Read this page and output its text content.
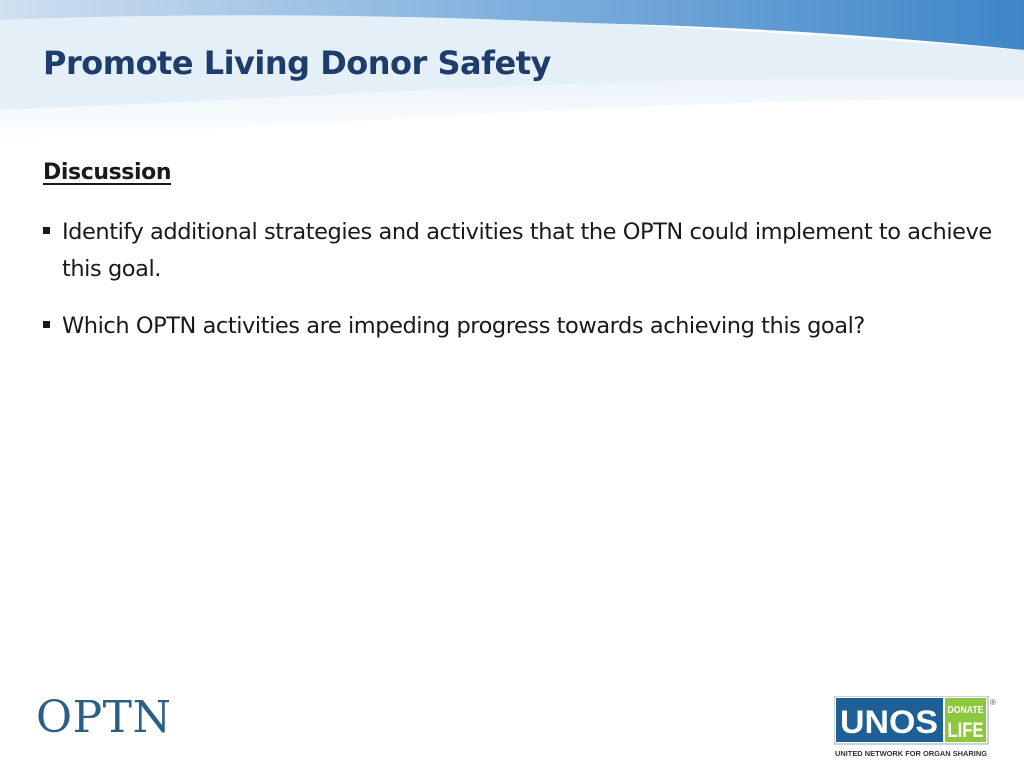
Promote Living Donor Safety
Discussion
Identify additional strategies and activities that the OPTN could implement to achieve this goal.
Which OPTN activities are impeding progress towards achieving this goal?
OPTN	UNOS DONATE
LIFE
®
UNITED NETWORK FOR ORGAN SHARING
